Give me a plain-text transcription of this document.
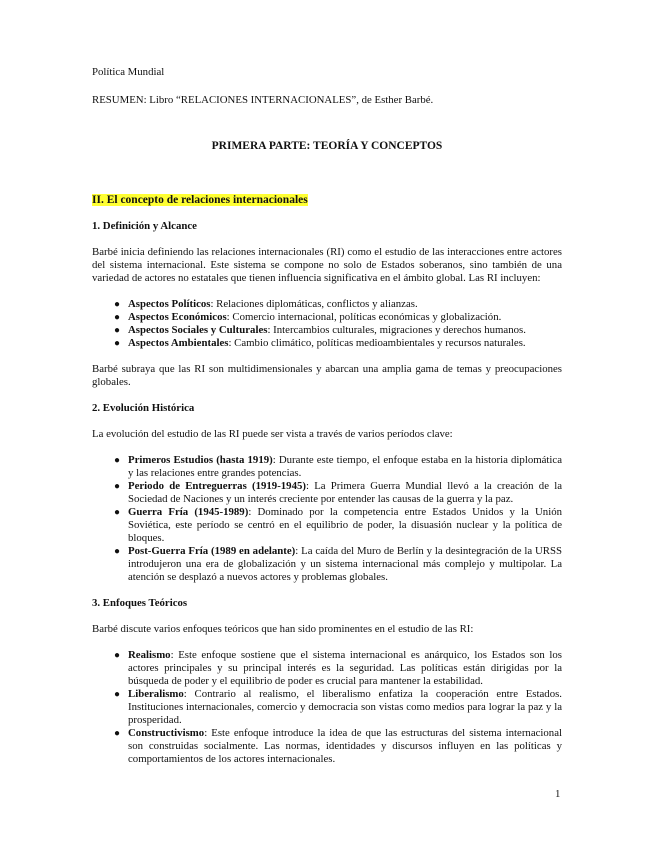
Política Mundial

RESUMEN: Libro “RELACIONES INTERNACIONALES”, de Esther Barbé.

PRIMERA PARTE: TEORÍA Y CONCEPTOS

II. El concepto de relaciones internacionales

1. Definición y Alcance

Barbé inicia definiendo las relaciones internacionales (RI) como el estudio de las interacciones entre actores del sistema internacional. Este sistema se compone no solo de Estados soberanos, sino también de una variedad de actores no estatales que tienen influencia significativa en el ámbito global. Las RI incluyen:

● Aspectos Políticos: Relaciones diplomáticas, conflictos y alianzas.
● Aspectos Económicos: Comercio internacional, políticas económicas y globalización.
● Aspectos Sociales y Culturales: Intercambios culturales, migraciones y derechos humanos.
● Aspectos Ambientales: Cambio climático, políticas medioambientales y recursos naturales.

Barbé subraya que las RI son multidimensionales y abarcan una amplia gama de temas y preocupaciones globales.

2. Evolución Histórica

La evolución del estudio de las RI puede ser vista a través de varios períodos clave:

● Primeros Estudios (hasta 1919): Durante este tiempo, el enfoque estaba en la historia diplomática y las relaciones entre grandes potencias.
● Periodo de Entreguerras (1919-1945): La Primera Guerra Mundial llevó a la creación de la Sociedad de Naciones y un interés creciente por entender las causas de la guerra y la paz.
● Guerra Fría (1945-1989): Dominado por la competencia entre Estados Unidos y la Unión Soviética, este período se centró en el equilibrio de poder, la disuasión nuclear y la política de bloques.
● Post-Guerra Fría (1989 en adelante): La caída del Muro de Berlín y la desintegración de la URSS introdujeron una era de globalización y un sistema internacional más complejo y multipolar. La atención se desplazó a nuevos actores y problemas globales.

3. Enfoques Teóricos

Barbé discute varios enfoques teóricos que han sido prominentes en el estudio de las RI:

● Realismo: Este enfoque sostiene que el sistema internacional es anárquico, los Estados son los actores principales y su principal interés es la seguridad. Las políticas están dirigidas por la búsqueda de poder y el equilibrio de poder es crucial para mantener la estabilidad.
● Liberalismo: Contrario al realismo, el liberalismo enfatiza la cooperación entre Estados. Instituciones internacionales, comercio y democracia son vistas como medios para lograr la paz y la prosperidad.
● Constructivismo: Este enfoque introduce la idea de que las estructuras del sistema internacional son construidas socialmente. Las normas, identidades y discursos influyen en las políticas y comportamientos de los actores internacionales.
1
